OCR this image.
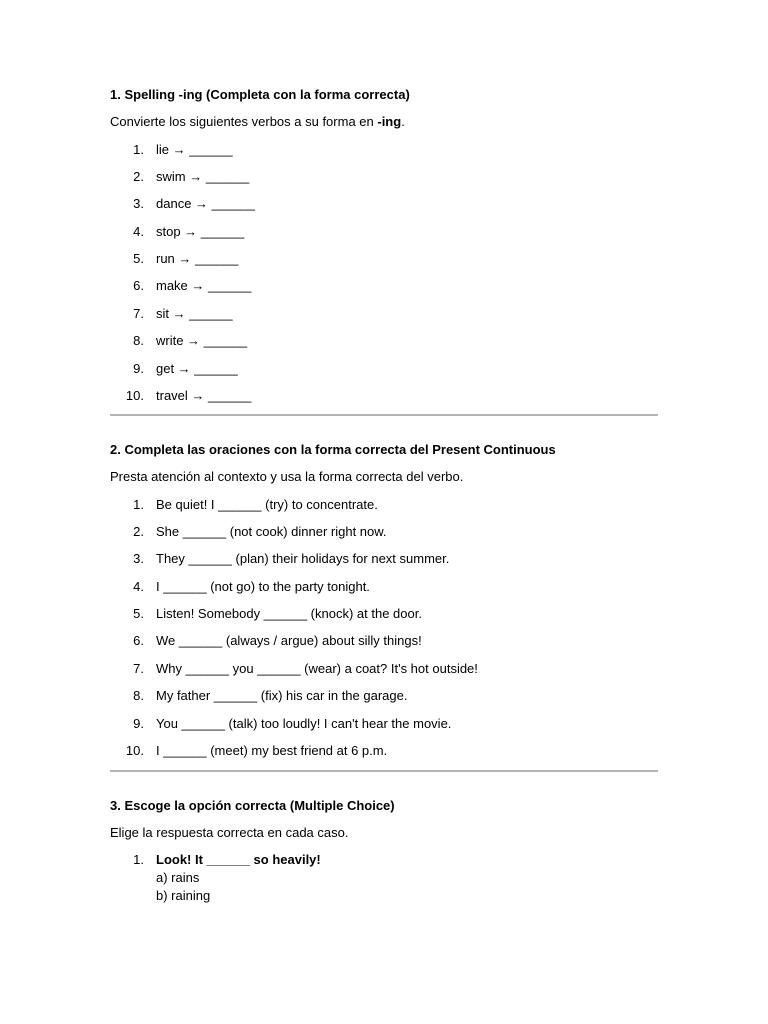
1. Spelling -ing (Completa con la forma correcta)

Convierte los siguientes verbos a su forma en -ing.

1. lie → ______
2. swim → ______
3. dance → ______
4. stop → ______
5. run → ______
6. make → ______
7. sit → ______
8. write → ______
9. get → ______
10. travel → ______

2. Completa las oraciones con la forma correcta del Present Continuous

Presta atención al contexto y usa la forma correcta del verbo.

1. Be quiet! I ______ (try) to concentrate.
2. She ______ (not cook) dinner right now.
3. They ______ (plan) their holidays for next summer.
4. I ______ (not go) to the party tonight.
5. Listen! Somebody ______ (knock) at the door.
6. We ______ (always / argue) about silly things!
7. Why ______ you ______ (wear) a coat? It's hot outside!
8. My father ______ (fix) his car in the garage.
9. You ______ (talk) too loudly! I can't hear the movie.
10. I ______ (meet) my best friend at 6 p.m.

3. Escoge la opción correcta (Multiple Choice)

Elige la respuesta correcta en cada caso.

1. Look! It ______ so heavily!
a) rains
b) raining
